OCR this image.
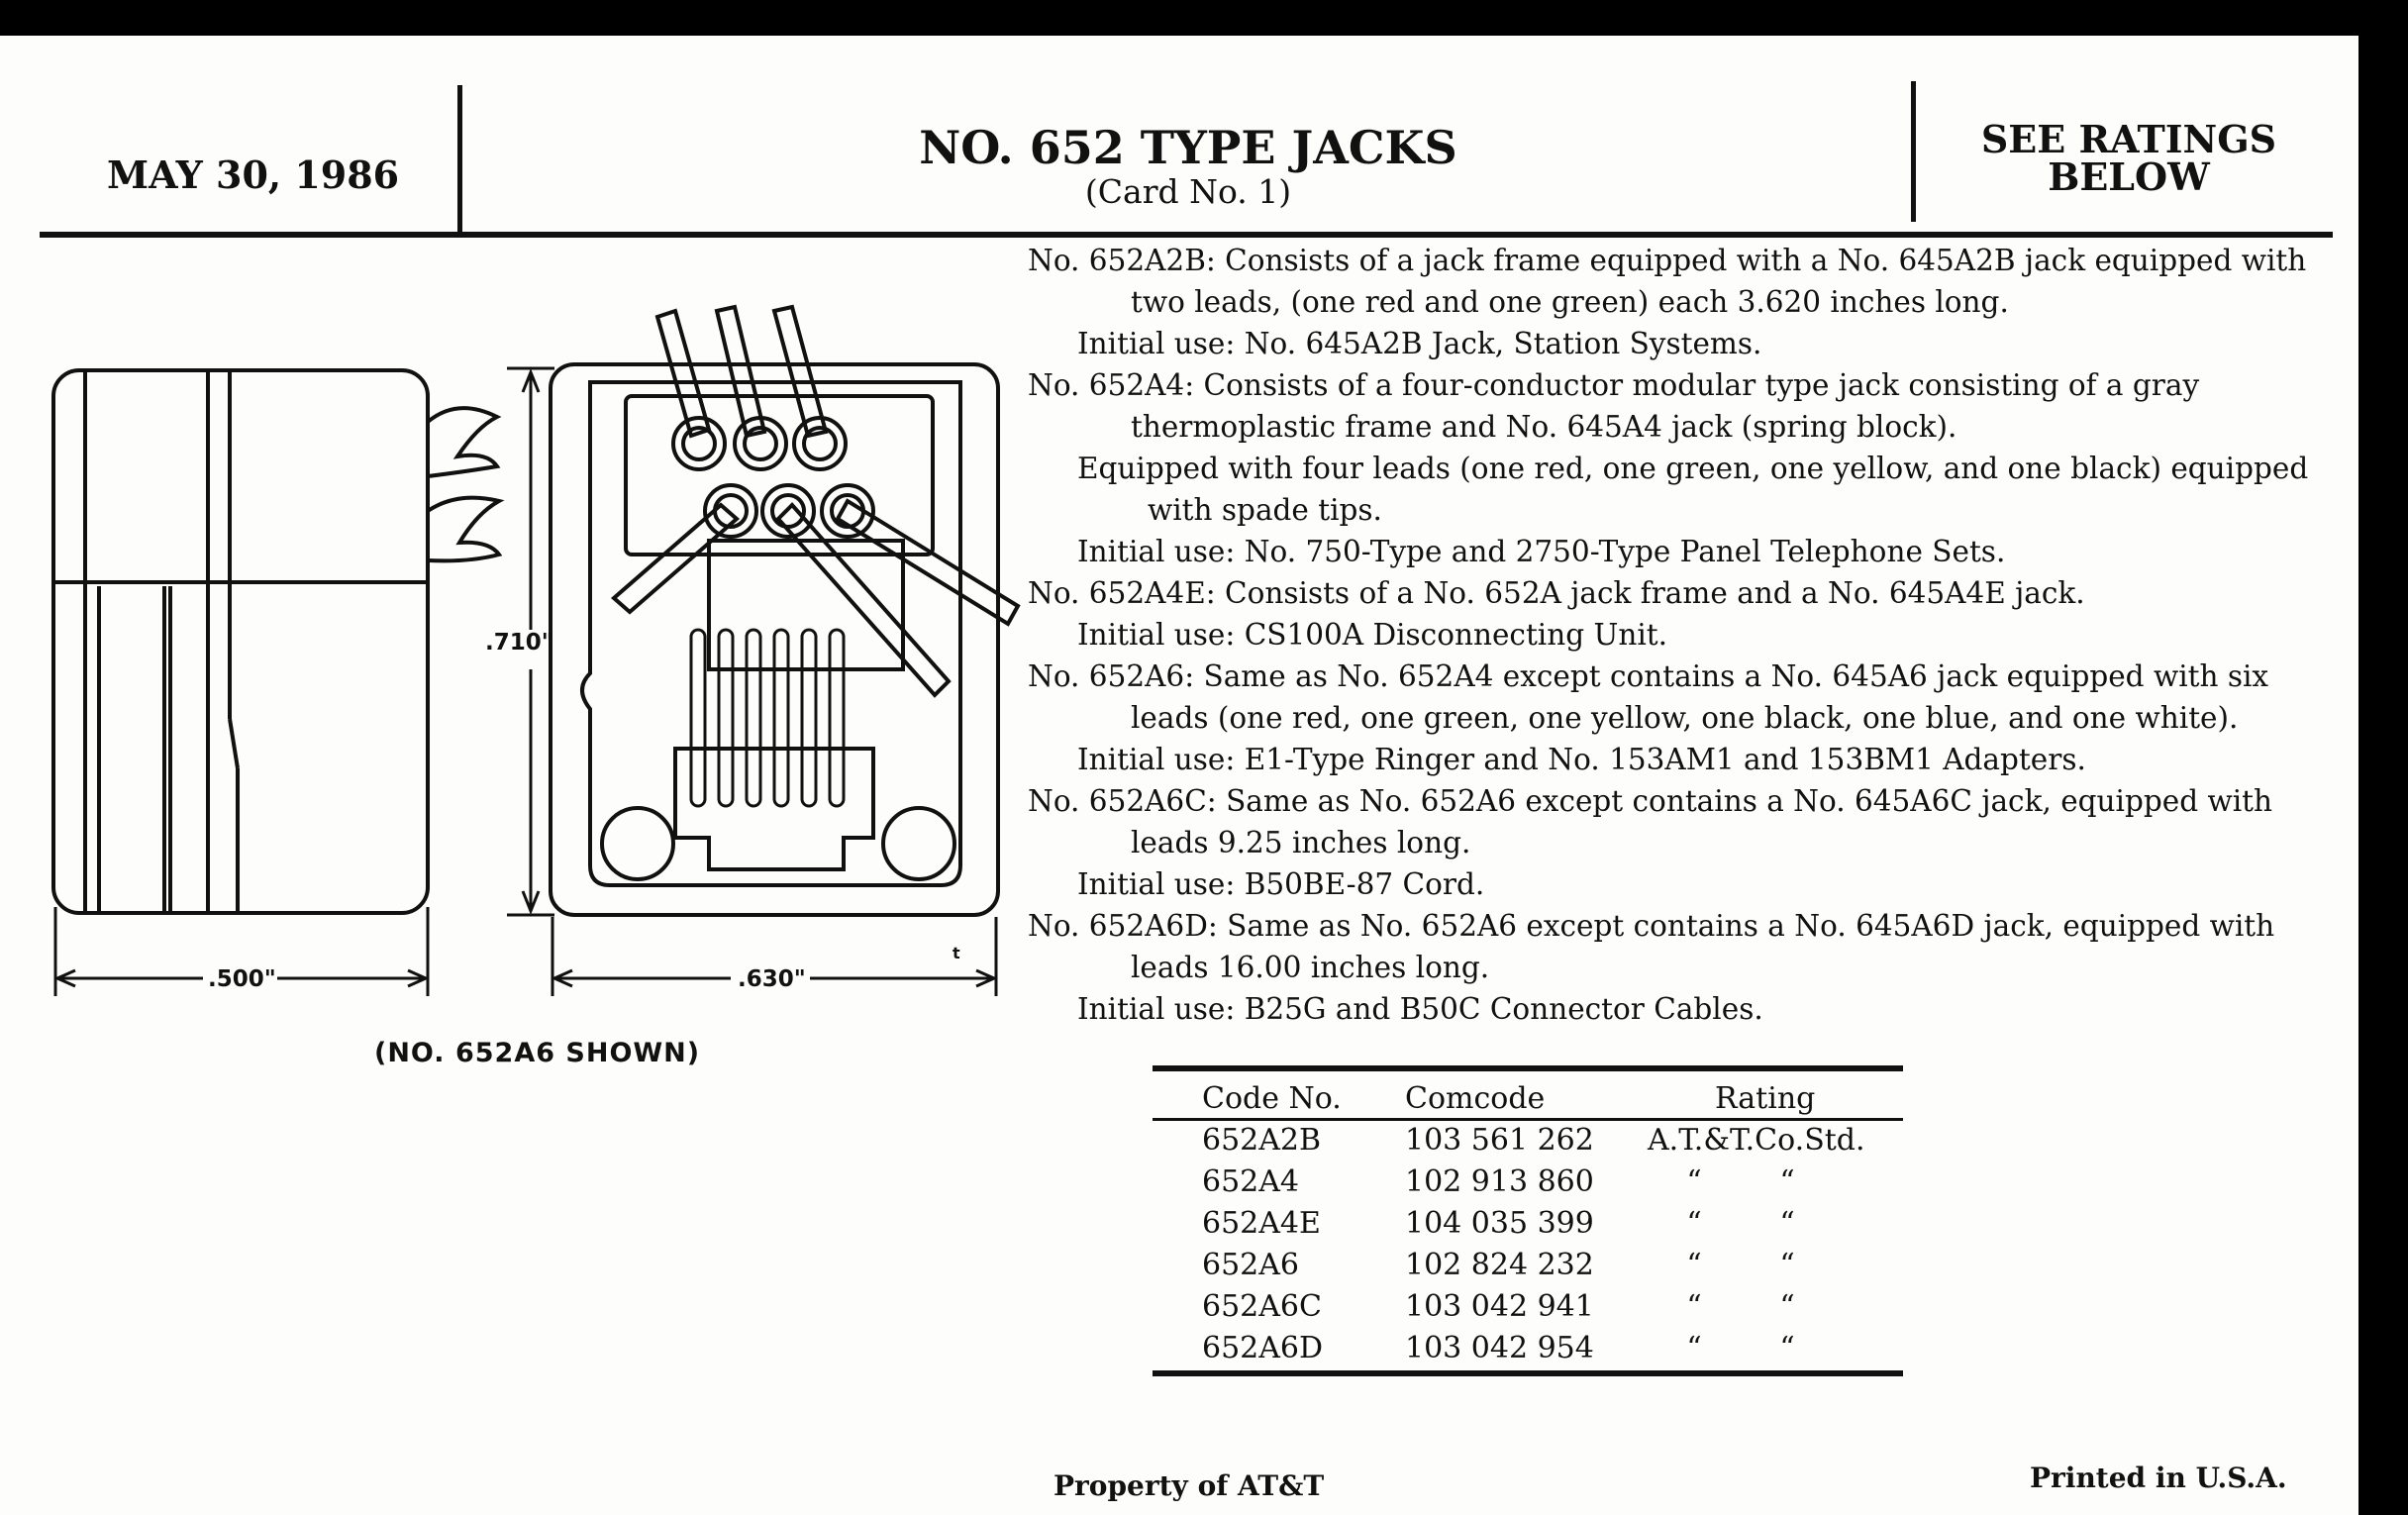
MAY 30, 1986
NO. 652 TYPE JACKS
(Card No. 1)
SEE RATINGS
BELOW
.710"
.500"	.630"
t
(NO. 652A6 SHOWN)

No. 652A2B: Consists of a jack frame equipped with a No. 645A2B jack equipped with two leads, (one red and one green) each 3.620 inches long.

Initial use: No. 645A2B Jack, Station Systems.

No. 652A4: Consists of a four-conductor modular type jack consisting of a gray thermoplastic frame and No. 645A4 jack (spring block).

Equipped with four leads (one red, one green, one yellow, and one black) equipped with spade tips.

Initial use: No. 750-Type and 2750-Type Panel Telephone Sets.

No. 652A4E: Consists of a No. 652A jack frame and a No. 645A4E jack.

Initial use: CS100A Disconnecting Unit.

No. 652A6: Same as No. 652A4 except contains a No. 645A6 jack equipped with six leads (one red, one green, one yellow, one black, one blue, and one white).

Initial use: E1-Type Ringer and No. 153AM1 and 153BM1 Adapters.

No. 652A6C: Same as No. 652A6 except contains a No. 645A6C jack, equipped with leads 9.25 inches long.

Initial use: B50BE-87 Cord.

No. 652A6D: Same as No. 652A6 except contains a No. 645A6D jack, equipped with leads 16.00 inches long.

Initial use: B25G and B50C Connector Cables.

Code No.	Comcode	Rating
652A2B	103 561 262	A.T.&T.Co.Std.
652A4	102 913 860	“ “
652A4E	104 035 399	“ “
652A6	102 824 232	“ “
652A6C	103 042 941	“ “
652A6D	103 042 954	“ “
Property of AT&T	Printed in U.S.A.
